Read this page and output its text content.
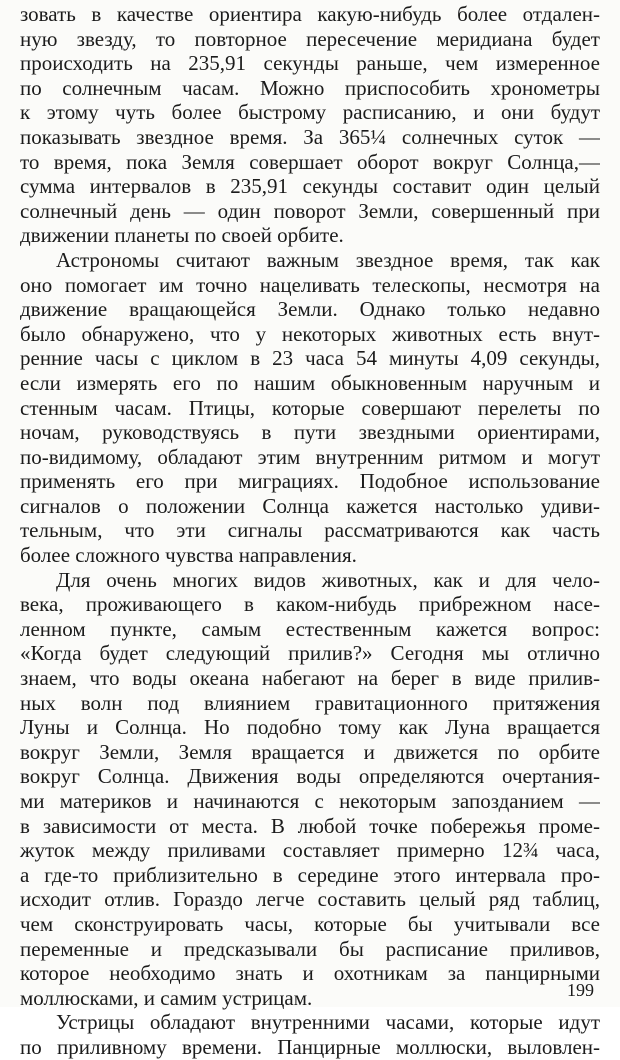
зовать в качестве ориентира какую-нибудь более отдален-
ную звезду, то повторное пересечение меридиана будет
происходить на 235,91 секунды раньше, чем измеренное
по солнечным часам. Можно приспособить хронометры
к этому чуть более быстрому расписанию, и они будут
показывать звездное время. За 365¼ солнечных суток —
то время, пока Земля совершает оборот вокруг Солнца,—
сумма интервалов в 235,91 секунды составит один целый
солнечный день — один поворот Земли, совершенный при
движении планеты по своей орбите.
Астрономы считают важным звездное время, так как
оно помогает им точно нацеливать телескопы, несмотря на
движение вращающейся Земли. Однако только недавно
было обнаружено, что у некоторых животных есть внут-
ренние часы с циклом в 23 часа 54 минуты 4,09 секунды,
если измерять его по нашим обыкновенным наручным и
стенным часам. Птицы, которые совершают перелеты по
ночам, руководствуясь в пути звездными ориентирами,
по-видимому, обладают этим внутренним ритмом и могут
применять его при миграциях. Подобное использование
сигналов о положении Солнца кажется настолько удиви-
тельным, что эти сигналы рассматриваются как часть
более сложного чувства направления.
Для очень многих видов животных, как и для чело-
века, проживающего в каком-нибудь прибрежном насе-
ленном пункте, самым естественным кажется вопрос:
«Когда будет следующий прилив?» Сегодня мы отлично
знаем, что воды океана набегают на берег в виде прилив-
ных волн под влиянием гравитационного притяжения
Луны и Солнца. Но подобно тому как Луна вращается
вокруг Земли, Земля вращается и движется по орбите
вокруг Солнца. Движения воды определяются очертания-
ми материков и начинаются с некоторым запозданием —
в зависимости от места. В любой точке побережья проме-
жуток между приливами составляет примерно 12¾ часа,
а где-то приблизительно в середине этого интервала про-
исходит отлив. Гораздо легче составить целый ряд таблиц,
чем сконструировать часы, которые бы учитывали все
переменные и предсказывали бы расписание приливов,
которое необходимо знать и охотникам за панцирными
моллюсками, и самим устрицам.
Устрицы обладают внутренними часами, которые идут
по приливному времени. Панцирные моллюски, выловлен-
199
